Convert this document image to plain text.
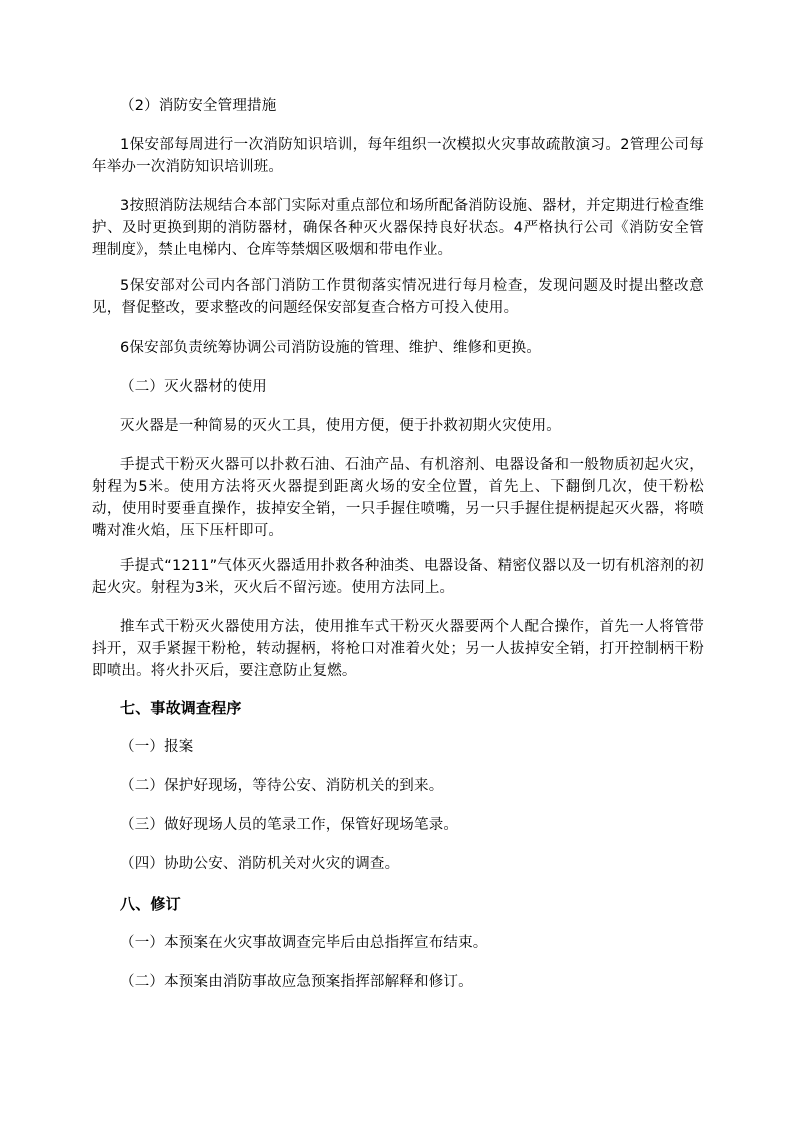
（2）消防安全管理措施

1保安部每周进行一次消防知识培训，每年组织一次模拟火灾事故疏散演习。2管理公司每年举办一次消防知识培训班。

3按照消防法规结合本部门实际对重点部位和场所配备消防设施、器材，并定期进行检查维护、及时更换到期的消防器材，确保各种灭火器保持良好状态。4严格执行公司《消防安全管理制度》，禁止电梯内、仓库等禁烟区吸烟和带电作业。

5保安部对公司内各部门消防工作贯彻落实情况进行每月检查，发现问题及时提出整改意见，督促整改，要求整改的问题经保安部复查合格方可投入使用。

6保安部负责统筹协调公司消防设施的管理、维护、维修和更换。

（二）灭火器材的使用

灭火器是一种简易的灭火工具，使用方便，便于扑救初期火灾使用。

手提式干粉灭火器可以扑救石油、石油产品、有机溶剂、电器设备和一般物质初起火灾，射程为5米。使用方法将灭火器提到距离火场的安全位置，首先上、下翻倒几次，使干粉松动，使用时要垂直操作，拔掉安全销，一只手握住喷嘴，另一只手握住提柄提起灭火器，将喷嘴对准火焰，压下压杆即可。

手提式“1211”气体灭火器适用扑救各种油类、电器设备、精密仪器以及一切有机溶剂的初起火灾。射程为3米，灭火后不留污迹。使用方法同上。

推车式干粉灭火器使用方法，使用推车式干粉灭火器要两个人配合操作，首先一人将管带抖开，双手紧握干粉枪，转动握柄，将枪口对准着火处；另一人拔掉安全销，打开控制柄干粉即喷出。将火扑灭后，要注意防止复燃。

七、事故调查程序

（一）报案

（二）保护好现场，等待公安、消防机关的到来。

（三）做好现场人员的笔录工作，保管好现场笔录。

（四）协助公安、消防机关对火灾的调查。

八、修订

（一）本预案在火灾事故调查完毕后由总指挥宣布结束。

（二）本预案由消防事故应急预案指挥部解释和修订。
